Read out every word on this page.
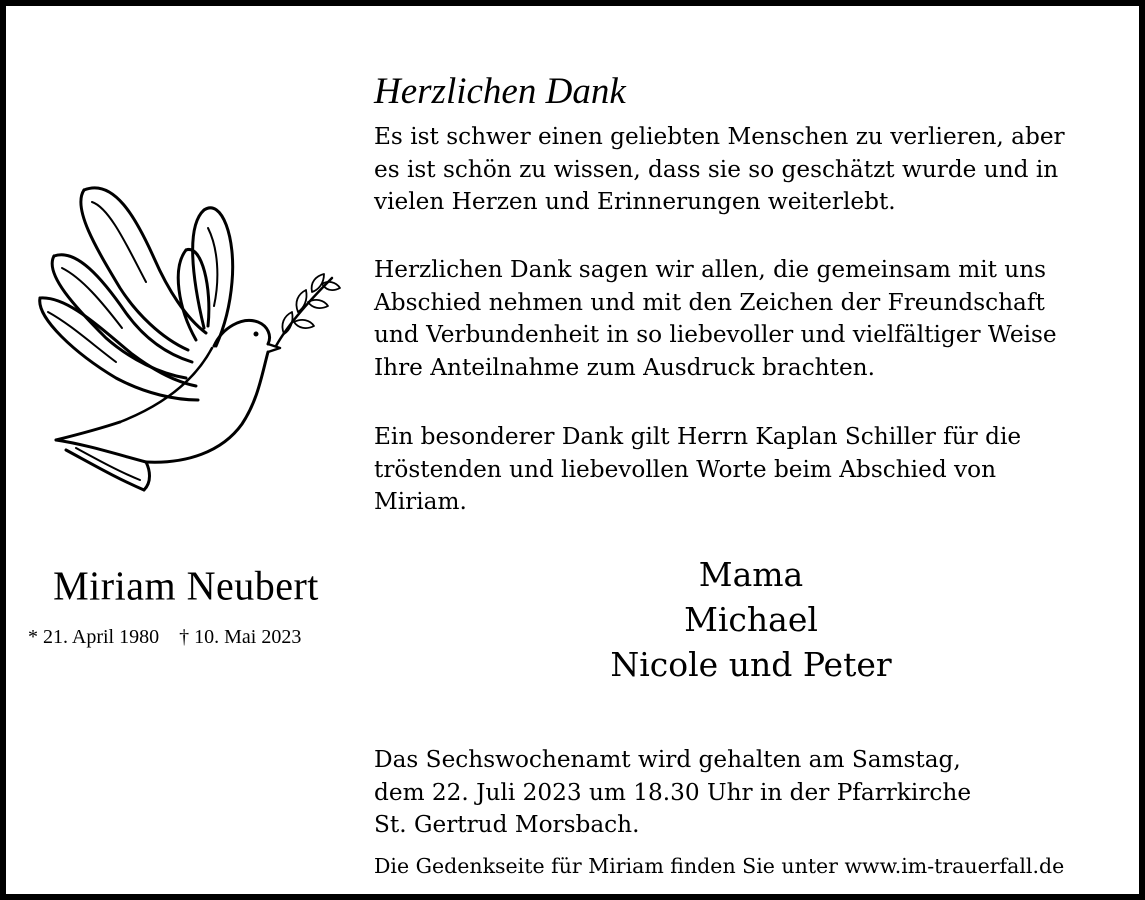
Miriam Neubert
* 21. April 1980 † 10. Mai 2023
Herzlichen Dank
Es ist schwer einen geliebten Menschen zu verlieren, aber
es ist schön zu wissen, dass sie so geschätzt wurde und in
vielen Herzen und Erinnerungen weiterlebt.
Herzlichen Dank sagen wir allen, die gemeinsam mit uns
Abschied nehmen und mit den Zeichen der Freundschaft
und Verbundenheit in so liebevoller und vielfältiger Weise
Ihre Anteilnahme zum Ausdruck brachten.
Ein besonderer Dank gilt Herrn Kaplan Schiller für die
tröstenden und liebevollen Worte beim Abschied von
Miriam.
Mama
Michael
Nicole und Peter
Das Sechswochenamt wird gehalten am Samstag,
dem 22. Juli 2023 um 18.30 Uhr in der Pfarrkirche
St. Gertrud Morsbach.
Die Gedenkseite für Miriam finden Sie unter www.im-trauerfall.de
